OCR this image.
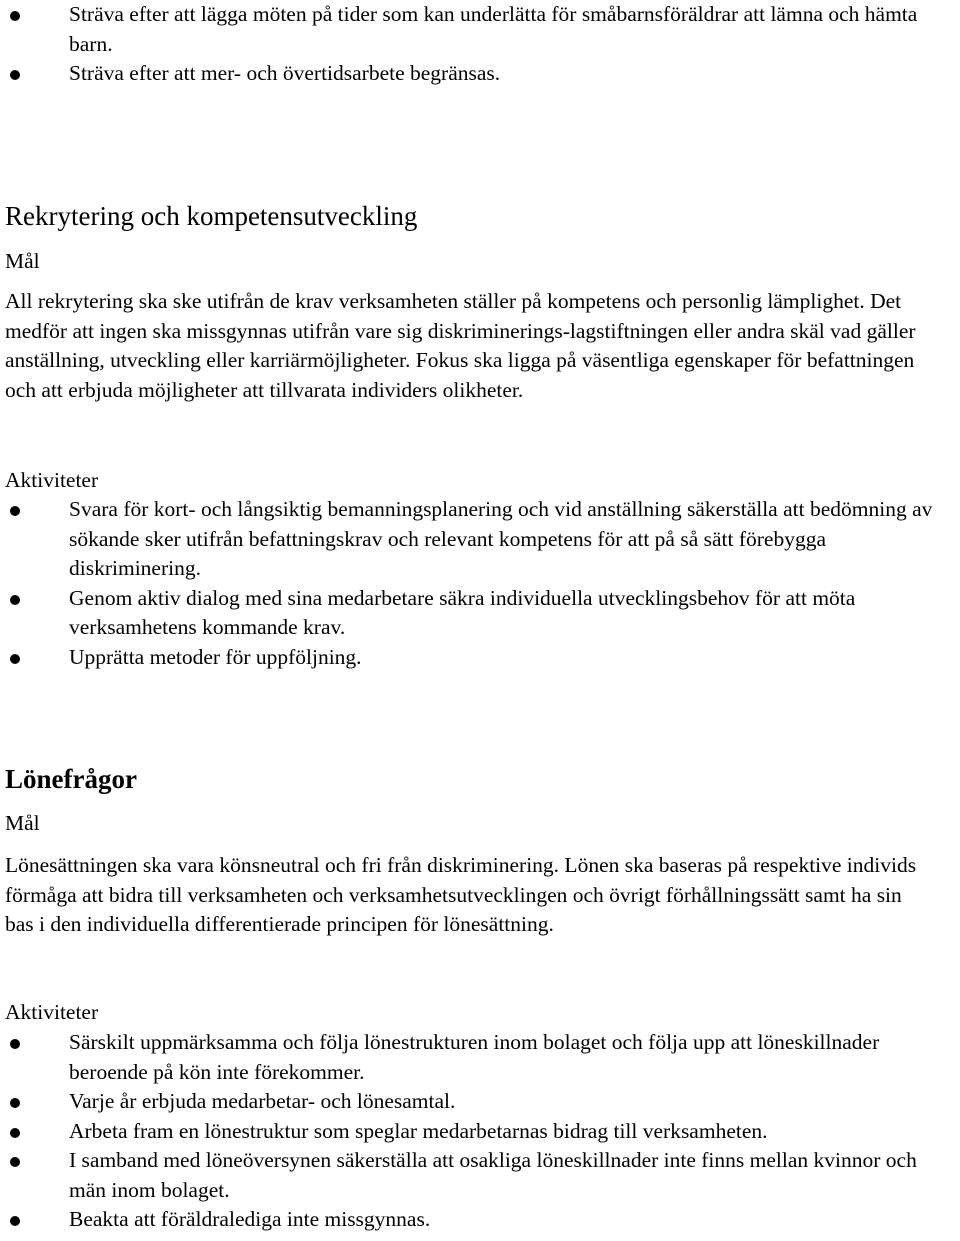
Sträva efter att lägga möten på tider som kan underlätta för småbarnsföräldrar att lämna och hämta barn.
Sträva efter att mer- och övertidsarbete begränsas.
Rekrytering och kompetensutveckling

Mål

All rekrytering ska ske utifrån de krav verksamheten ställer på kompetens och personlig lämplighet. Det medför att ingen ska missgynnas utifrån vare sig diskriminerings-lagstiftningen eller andra skäl vad gäller anställning, utveckling eller karriärmöjligheter. Fokus ska ligga på väsentliga egenskaper för befattningen och att erbjuda möjligheter att tillvarata individers olikheter.

Aktiviteter

Svara för kort- och långsiktig bemanningsplanering och vid anställning säkerställa att bedömning av sökande sker utifrån befattningskrav och relevant kompetens för att på så sätt förebygga diskriminering.
Genom aktiv dialog med sina medarbetare säkra individuella utvecklingsbehov för att möta verksamhetens kommande krav.
Upprätta metoder för uppföljning.
Lönefrågor

Mål

Lönesättningen ska vara könsneutral och fri från diskriminering. Lönen ska baseras på respektive individs förmåga att bidra till verksamheten och verksamhetsutvecklingen och övrigt förhållningssätt samt ha sin bas i den individuella differentierade principen för lönesättning.

Aktiviteter

Särskilt uppmärksamma och följa lönestrukturen inom bolaget och följa upp att löneskillnader beroende på kön inte förekommer.
Varje år erbjuda medarbetar- och lönesamtal.
Arbeta fram en lönestruktur som speglar medarbetarnas bidrag till verksamheten.
I samband med löneöversynen säkerställa att osakliga löneskillnader inte finns mellan kvinnor och män inom bolaget.
Beakta att föräldralediga inte missgynnas.
